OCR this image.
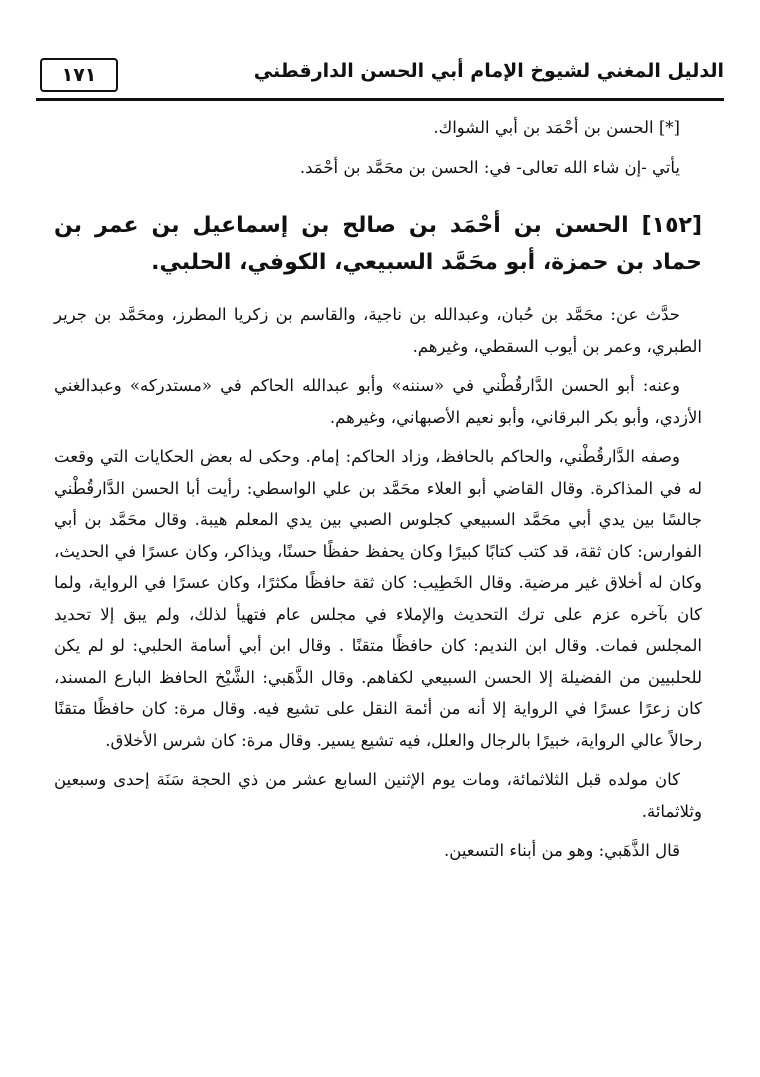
الدليل المغني لشيوخ الإمام أبي الحسن الدارقطني
١٧١

[*] الحسن بن أحْمَد بن أبي الشواك.

يأتي -إن شاء الله تعالى- في: الحسن بن محَمَّد بن أحْمَد.

[١٥٢] الحسن بن أحْمَد بن صالح بن إسماعيل بن عمر بن حماد بن حمزة، أبو محَمَّد السبيعي، الكوفي، الحلبي.

حدَّث عن: محَمَّد بن حُبان، وعبدالله بن ناجية، والقاسم بن زكريا المطرز، ومحَمَّد بن جرير الطبري، وعمر بن أيوب السقطي، وغيرهم.

وعنه: أبو الحسن الدَّارقُطْني في «سننه» وأبو عبدالله الحاكم في «مستدركه» وعبدالغني الأزدي، وأبو بكر البرقاني، وأبو نعيم الأصبهاني، وغيرهم.

وصفه الدَّارقُطْني، والحاكم بالحافظ، وزاد الحاكم: إمام. وحكى له بعض الحكايات التي وقعت له في المذاكرة. وقال القاضي أبو العلاء محَمَّد بن علي الواسطي: رأيت أبا الحسن الدَّارقُطْني جالسًا بين يدي أبي محَمَّد السبيعي كجلوس الصبي بين يدي المعلم هيبة. وقال محَمَّد بن أبي الفوارس: كان ثقة، قد كتب كتابًا كبيرًا وكان يحفظ حفظًا حسنًا، ويذاكر، وكان عسرًا في الحديث، وكان له أخلاق غير مرضية. وقال الخَطِيب: كان ثقة حافظًا مكثرًا، وكان عسرًا في الرواية، ولما كان بآخره عزم على ترك التحديث والإملاء في مجلس عام فتهيأ لذلك، ولم يبق إلا تحديد المجلس فمات. وقال ابن النديم: كان حافظًا متقنًا . وقال ابن أبي أسامة الحلبي: لو لم يكن للحلبيين من الفضيلة إلا الحسن السبيعي لكفاهم. وقال الذَّهَبي: الشَّيْخ الحافظ البارع المسند، كان زعرًا عسرًا في الرواية إلا أنه من أئمة النقل على تشيع فيه. وقال مرة: كان حافظًا متقنًا رحالاً عالي الرواية، خبيرًا بالرجال والعلل، فيه تشيع يسير. وقال مرة: كان شرس الأخلاق.

كان مولده قبل الثلاثمائة، ومات يوم الإثنين السابع عشر من ذي الحجة سَنَة إحدى وسبعين وثلاثمائة.

قال الذَّهَبي: وهو من أبناء التسعين.
